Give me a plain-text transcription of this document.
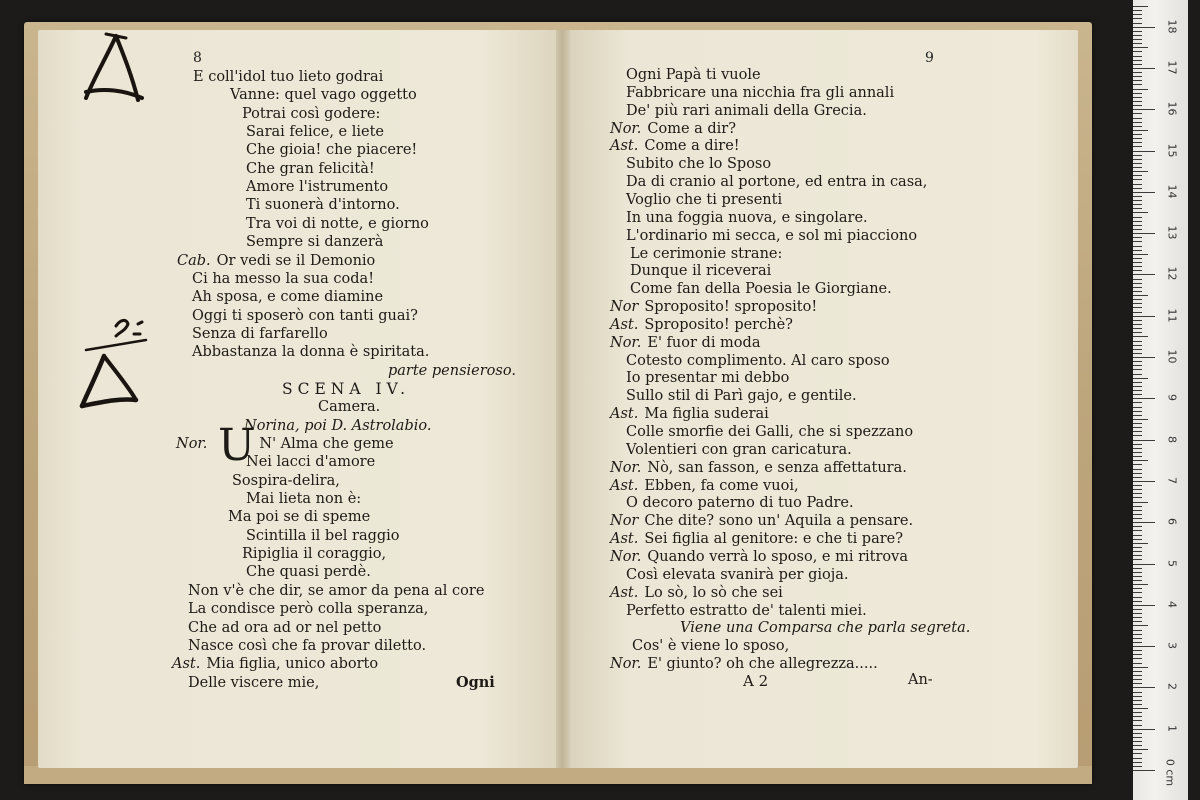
8	9
E coll'idol tuo lieto godrai
Vanne: quel vago oggetto
Potrai così godere:
Sarai felice, e liete
Che gioia! che piacere!
Che gran felicità!
Amore l'istrumento
Ti suonerà d'intorno.
Tra voi di notte, e giorno
Sempre si danzerà
Cab. Or vedi se il Demonio
Ci ha messo la sua coda!
Ah sposa, e come diamine
Oggi ti sposerò con tanti guai?
Senza di farfarello
Abbastanza la donna è spiritata.
parte pensieroso.
SCENA IV.
Camera.
Norina, poi D. Astrolabio.
Nor.	N' Alma che geme
Nei lacci d'amore
Sospira-delira,
Mai lieta non è:
Ma poi se di speme
Scintilla il bel raggio
Ripiglia il coraggio,
Che quasi perdè.
Non v'è che dir, se amor da pena al core
La condisce però colla speranza,
Che ad ora ad or nel petto
Nasce così che fa provar diletto.
Ast. Mia figlia, unico aborto
Delle viscere mie,
U
Ogni
Ogni Papà ti vuole
Fabbricare una nicchia fra gli annali
De' più rari animali della Grecia.
Nor. Come a dir?
Ast. Come a dire!
Subito che lo Sposo
Da di cranio al portone, ed entra in casa,
Voglio che ti presenti
In una foggia nuova, e singolare.
L'ordinario mi secca, e sol mi piacciono
Le cerimonie strane:
Dunque il riceverai
Come fan della Poesia le Giorgiane.
Nor Sproposito! sproposito!
Ast. Sproposito! perchè?
Nor. E' fuor di moda
Cotesto complimento. Al caro sposo
Io presentar mi debbo
Sullo stil di Parì gajo, e gentile.
Ast. Ma figlia suderai
Colle smorfie dei Galli, che si spezzano
Volentieri con gran caricatura.
Nor. Nò, san fasson, e senza affettatura.
Ast. Ebben, fa come vuoi,
O decoro paterno di tuo Padre.
Nor Che dite? sono un' Aquila a pensare.
Ast. Sei figlia al genitore: e che ti pare?
Nor. Quando verrà lo sposo, e mi ritrova
Così elevata svanirà per gioja.
Ast. Lo sò, lo sò che sei
Perfetto estratto de' talenti miei.
Viene una Comparsa che parla segreta.
Cos' è viene lo sposo,
Nor. E' giunto? oh che allegrezza.....
A 2	An-
0 cm
1
2
3
4
5
6
7
8
9
10
11
12
13
14
15
16
17
18
